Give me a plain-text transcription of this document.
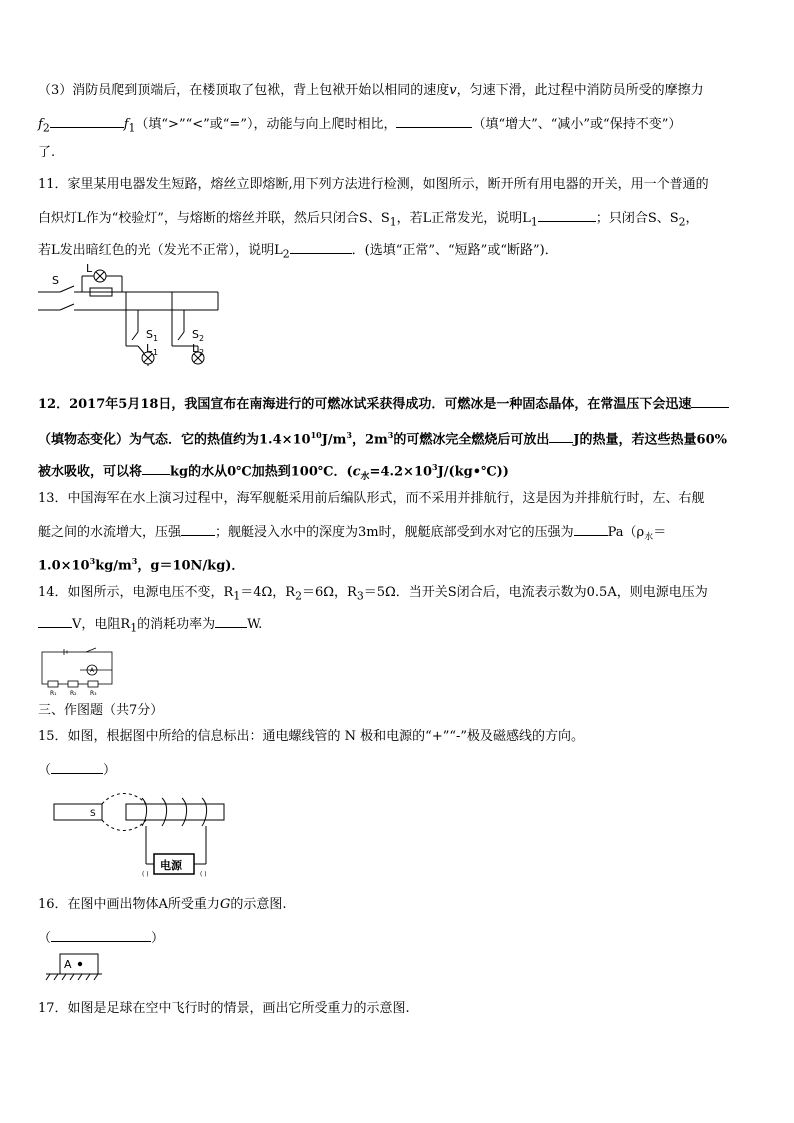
（3）消防员爬到顶端后，在楼顶取了包袱，背上包袱开始以相同的速度v，匀速下滑，此过程中消防员所受的摩擦力
$f_2$	$f_1$（填“>”“<”或“=”），动能与向上爬时相比，	（填“增大”、“减小”或“保持不变”）
了.
11．家里某用电器发生短路，熔丝立即熔断,用下列方法进行检测，如图所示，断开所有用电器的开关，用一个普通的
白炽灯L作为“校验灯”，与熔断的熔丝并联，然后只闭合S、$S_1$，若L正常发光，说明$L_1$	；只闭合S、$S_2$，
若L发出暗红色的光（发光不正常），说明$L_2$	．(选填“正常”、“短路”或“断路”)．
S
L
S 1
L 1
S 2
L 2
12．2017年5月18日，我国宣布在南海进行的可燃冰试采获得成功．可燃冰是一种固态晶体，在常温压下会迅速
（填物态变化）为气态．它的热值约为$1.4\times 10^{10}J/m^3$，$2m^3$的可燃冰完全燃烧后可放出 J的热量，若这些热量60%
被水吸收，可以将 kg的水从0℃加热到100℃．$(c_水=4.2\times 10^3J/(kg•℃))$
13．中国海军在水上演习过程中，海军舰艇采用前后编队形式，而不采用并排航行，这是因为并排航行时，左、右舰
艇之间的水流增大，压强	；舰艇浸入水中的深度为3m时，舰艇底部受到水对它的压强为	$Pa(\rho_水=$
$1.0\times 10^3kg/m^3$，g＝10N/kg)．
14．如图所示，电源电压不变，$R_1=4\Omega$，$R_2=6\Omega$，$R_3=5\Omega$．当开关S闭合后，电流表示数为0.5A，则电源电压为
V，电阻$R_1$的消耗功率为 W.
A
R₁ R₂ R₃
三、作图题（共7分）
15．如图，根据图中所给的信息标出：通电螺线管的 N 极和电源的“+”“-”极及磁感线的方向。
（	）
S
电源
( )	( )
16．在图中画出物体A所受重力G的示意图.
（	）
A
17．如图是足球在空中飞行时的情景，画出它所受重力的示意图.
